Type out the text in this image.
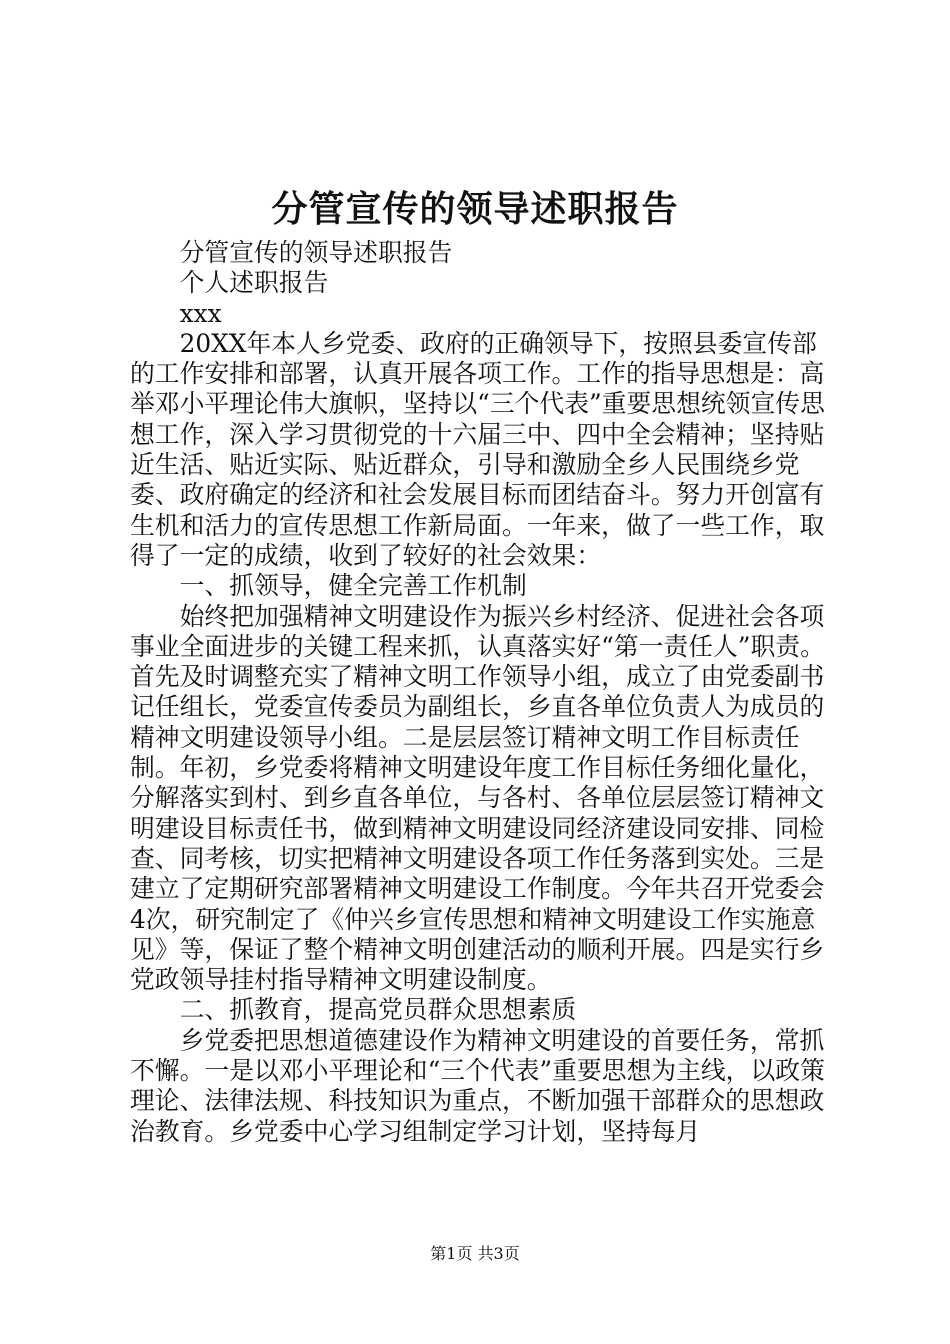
分管宣传的领导述职报告

分管宣传的领导述职报告

个人述职报告

xxx

20XX年本人乡党委、政府的正确领导下，按照县委宣传部的工作安排和部署，认真开展各项工作。工作的指导思想是：高举邓小平理论伟大旗帜，坚持以“三个代表”重要思想统领宣传思想工作，深入学习贯彻党的十六届三中、四中全会精神；坚持贴近生活、贴近实际、贴近群众，引导和激励全乡人民围绕乡党委、政府确定的经济和社会发展目标而团结奋斗。努力开创富有生机和活力的宣传思想工作新局面。一年来，做了一些工作，取得了一定的成绩，收到了较好的社会效果：

一、抓领导，健全完善工作机制

始终把加强精神文明建设作为振兴乡村经济、促进社会各项事业全面进步的关键工程来抓，认真落实好“第一责任人”职责。首先及时调整充实了精神文明工作领导小组，成立了由党委副书记任组长，党委宣传委员为副组长，乡直各单位负责人为成员的精神文明建设领导小组。二是层层签订精神文明工作目标责任制。年初，乡党委将精神文明建设年度工作目标任务细化量化，分解落实到村、到乡直各单位，与各村、各单位层层签订精神文明建设目标责任书，做到精神文明建设同经济建设同安排、同检查、同考核，切实把精神文明建设各项工作任务落到实处。三是建立了定期研究部署精神文明建设工作制度。今年共召开党委会4次，研究制定了《仲兴乡宣传思想和精神文明建设工作实施意见》等，保证了整个精神文明创建活动的顺利开展。四是实行乡党政领导挂村指导精神文明建设制度。

二、抓教育，提高党员群众思想素质

乡党委把思想道德建设作为精神文明建设的首要任务，常抓不懈。一是以邓小平理论和“三个代表”重要思想为主线，以政策理论、法律法规、科技知识为重点，不断加强干部群众的思想政治教育。乡党委中心学习组制定学习计划，坚持每月

第1页 共3页
